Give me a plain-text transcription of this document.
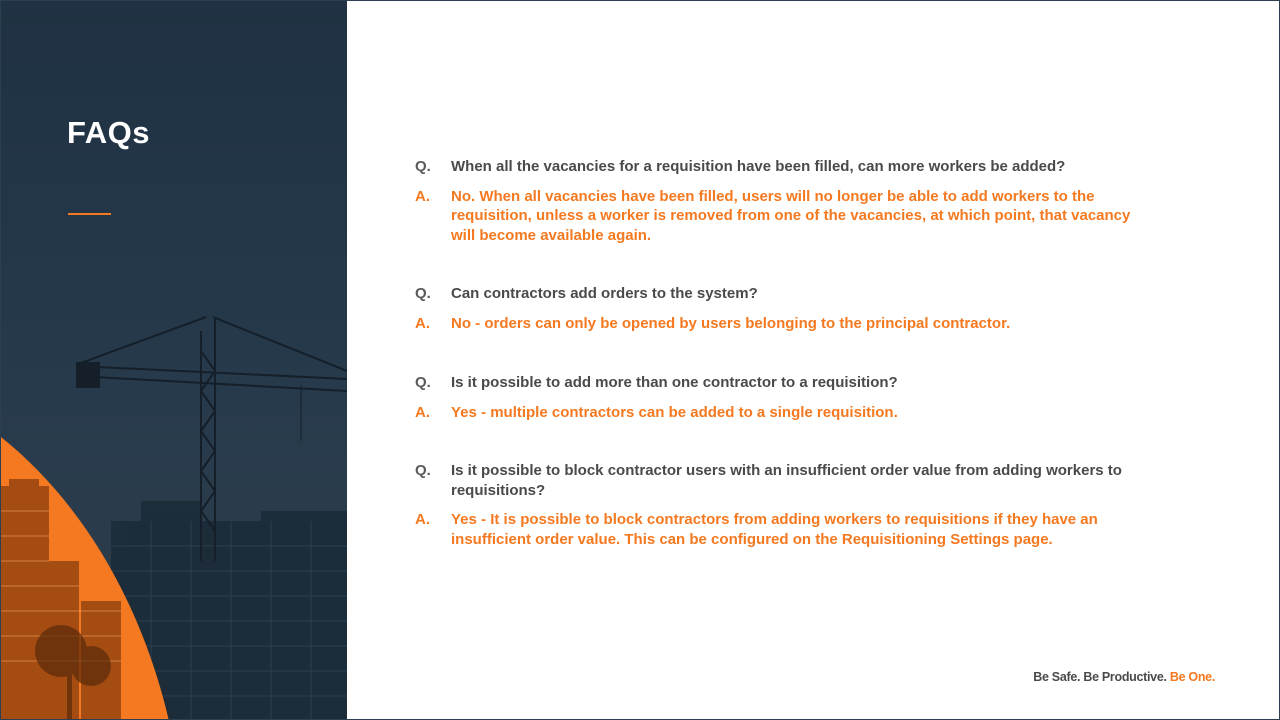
FAQs
Q.	When all the vacancies for a requisition have been filled, can more workers be added?
A.	No. When all vacancies have been filled, users will no longer be able to add workers to the requisition, unless a worker is removed from one of the vacancies, at which point, that vacancy will become available again.
Q.	Can contractors add orders to the system?
A.	No - orders can only be opened by users belonging to the principal contractor.
Q.	Is it possible to add more than one contractor to a requisition?
A.	Yes - multiple contractors can be added to a single requisition.
Q.	Is it possible to block contractor users with an insufficient order value from adding workers to requisitions?
A.	Yes - It is possible to block contractors from adding workers to requisitions if they have an insufficient order value. This can be configured on the Requisitioning Settings page.
Be Safe. Be Productive. Be One.
